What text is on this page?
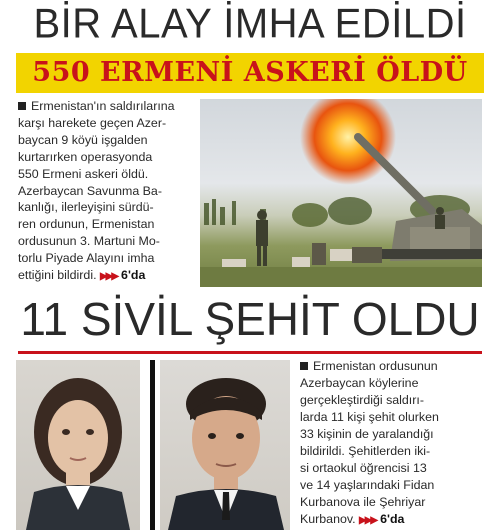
BİR ALAY İMHA EDİLDİ
550 ERMENİ ASKERİ ÖLDÜ
Ermenistan'ın saldırılarına
karşı harekete geçen Azer-
baycan 9 köyü işgalden
kurtarırken operasyonda
550 Ermeni askeri öldü.
Azerbaycan Savunma Ba-
kanlığı, ilerleyişini sürdü-
ren ordunun, Ermenistan
ordusunun 3. Martuni Mo-
torlu Piyade Alayını imha
ettiğini bildirdi. ▶▶▶ 6'da
11 SİVİL ŞEHİT OLDU
Ermenistan ordusunun
Azerbaycan köylerine
gerçekleştirdiği saldırı-
larda 11 kişi şehit olurken
33 kişinin de yaralandığı
bildirildi. Şehitlerden iki-
si ortaokul öğrencisi 13
ve 14 yaşlarındaki Fidan
Kurbanova ile Şehriyar
Kurbanov. ▶▶▶ 6'da
